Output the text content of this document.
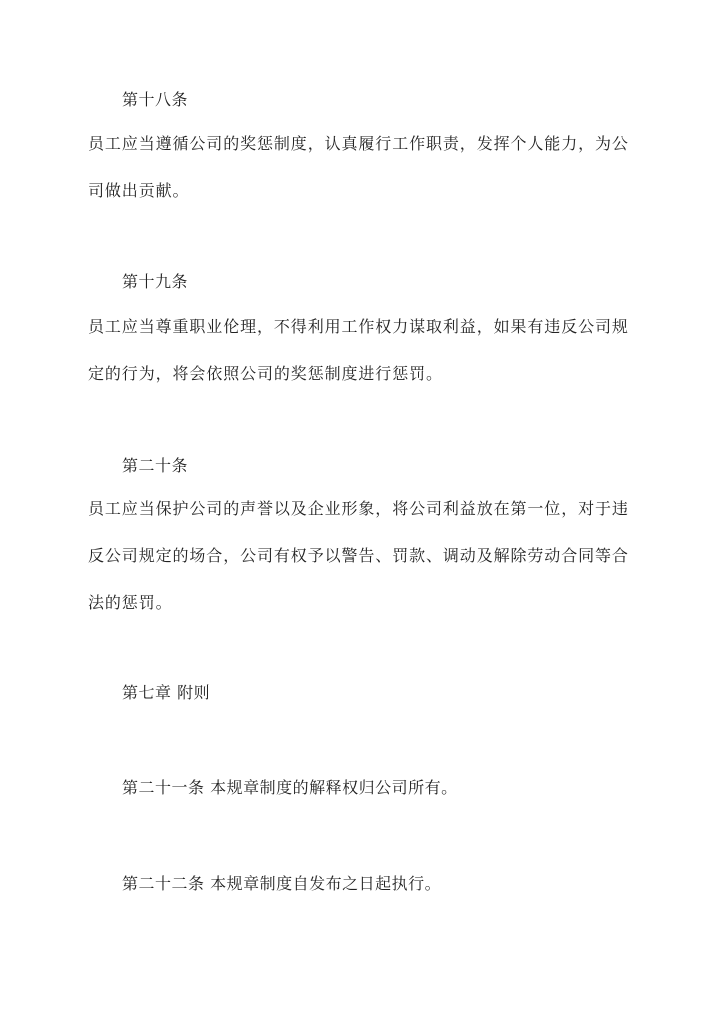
第十八条
员工应当遵循公司的奖惩制度，认真履行工作职责，发挥个人能力，为公
司做出贡献。
第十九条
员工应当尊重职业伦理，不得利用工作权力谋取利益，如果有违反公司规
定的行为，将会依照公司的奖惩制度进行惩罚。
第二十条
员工应当保护公司的声誉以及企业形象，将公司利益放在第一位，对于违
反公司规定的场合，公司有权予以警告、罚款、调动及解除劳动合同等合
法的惩罚。
第七章 附则
第二十一条 本规章制度的解释权归公司所有。
第二十二条 本规章制度自发布之日起执行。
